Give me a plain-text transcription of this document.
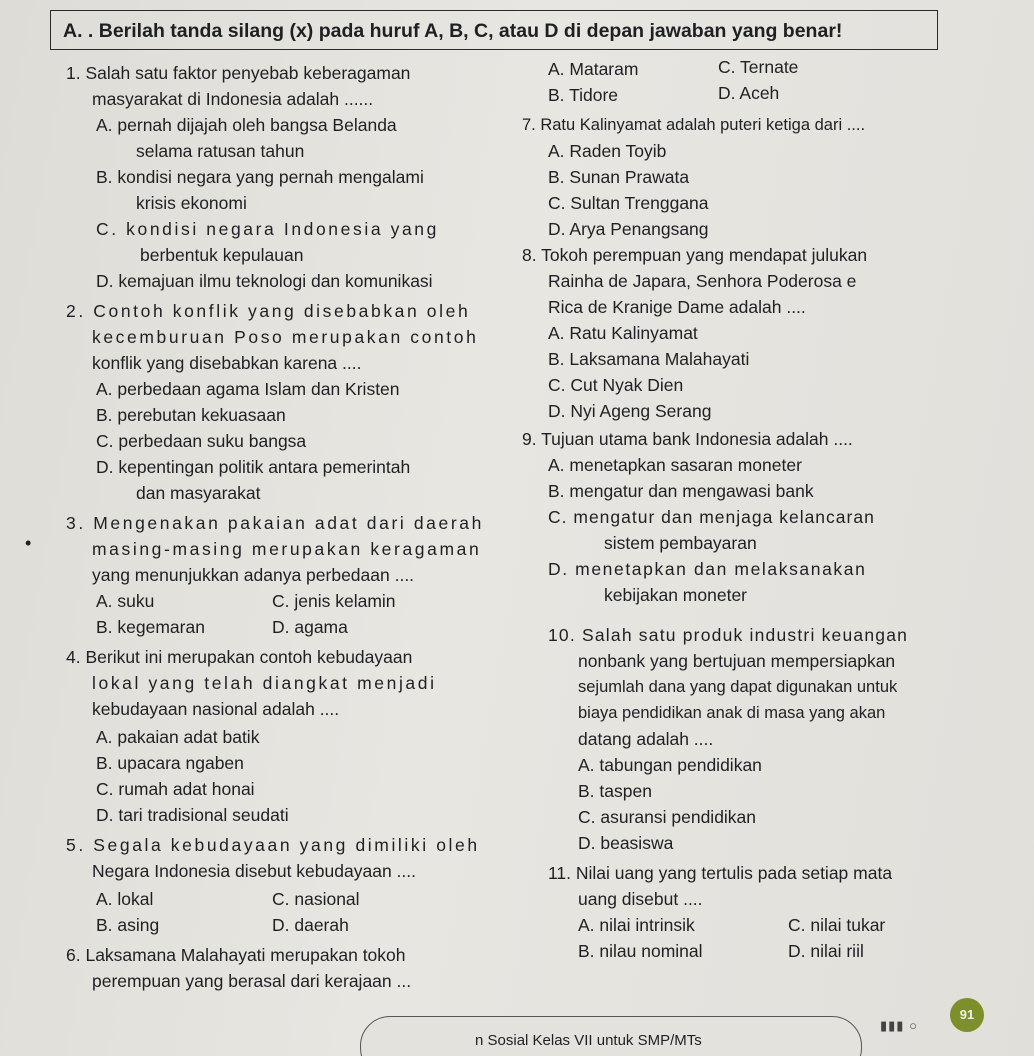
A. . Berilah tanda silang (x) pada huruf A, B, C, atau D di depan jawaban yang benar!
1. Salah satu faktor penyebab keberagaman
masyarakat di Indonesia adalah ......
A. pernah dijajah oleh bangsa Belanda
selama ratusan tahun
B. kondisi negara yang pernah mengalami
krisis ekonomi
C. kondisi negara Indonesia yang
berbentuk kepulauan
D. kemajuan ilmu teknologi dan komunikasi
2. Contoh konflik yang disebabkan oleh
kecemburuan Poso merupakan contoh
konflik yang disebabkan karena ....
A. perbedaan agama Islam dan Kristen
B. perebutan kekuasaan
C. perbedaan suku bangsa
D. kepentingan politik antara pemerintah
dan masyarakat
•
3. Mengenakan pakaian adat dari daerah
masing-masing merupakan keragaman
yang menunjukkan adanya perbedaan ....
A. suku	C. jenis kelamin
B. kegemaran	D. agama
4. Berikut ini merupakan contoh kebudayaan
lokal yang telah diangkat menjadi
kebudayaan nasional adalah ....
A. pakaian adat batik
B. upacara ngaben
C. rumah adat honai
D. tari tradisional seudati
5. Segala kebudayaan yang dimiliki oleh
Negara Indonesia disebut kebudayaan ....
A. lokal	C. nasional
B. asing	D. daerah
6. Laksamana Malahayati merupakan tokoh
perempuan yang berasal dari kerajaan ...
A. Mataram	C. Ternate
B. Tidore	D. Aceh
7. Ratu Kalinyamat adalah puteri ketiga dari ....
A. Raden Toyib
B. Sunan Prawata
C. Sultan Trenggana
D. Arya Penangsang
8. Tokoh perempuan yang mendapat julukan
Rainha de Japara, Senhora Poderosa e
Rica de Kranige Dame adalah ....
A. Ratu Kalinyamat
B. Laksamana Malahayati
C. Cut Nyak Dien
D. Nyi Ageng Serang
9. Tujuan utama bank Indonesia adalah ....
A. menetapkan sasaran moneter
B. mengatur dan mengawasi bank
C. mengatur dan menjaga kelancaran
sistem pembayaran
D. menetapkan dan melaksanakan
kebijakan moneter
10. Salah satu produk industri keuangan
nonbank yang bertujuan mempersiapkan
sejumlah dana yang dapat digunakan untuk
biaya pendidikan anak di masa yang akan
datang adalah ....
A. tabungan pendidikan
B. taspen
C. asuransi pendidikan
D. beasiswa
11. Nilai uang yang tertulis pada setiap mata
uang disebut ....
A. nilai intrinsik	C. nilai tukar
B. nilau nominal	D. nilai riil
n Sosial Kelas VII untuk SMP/MTs
▮▮▮ ○
91
